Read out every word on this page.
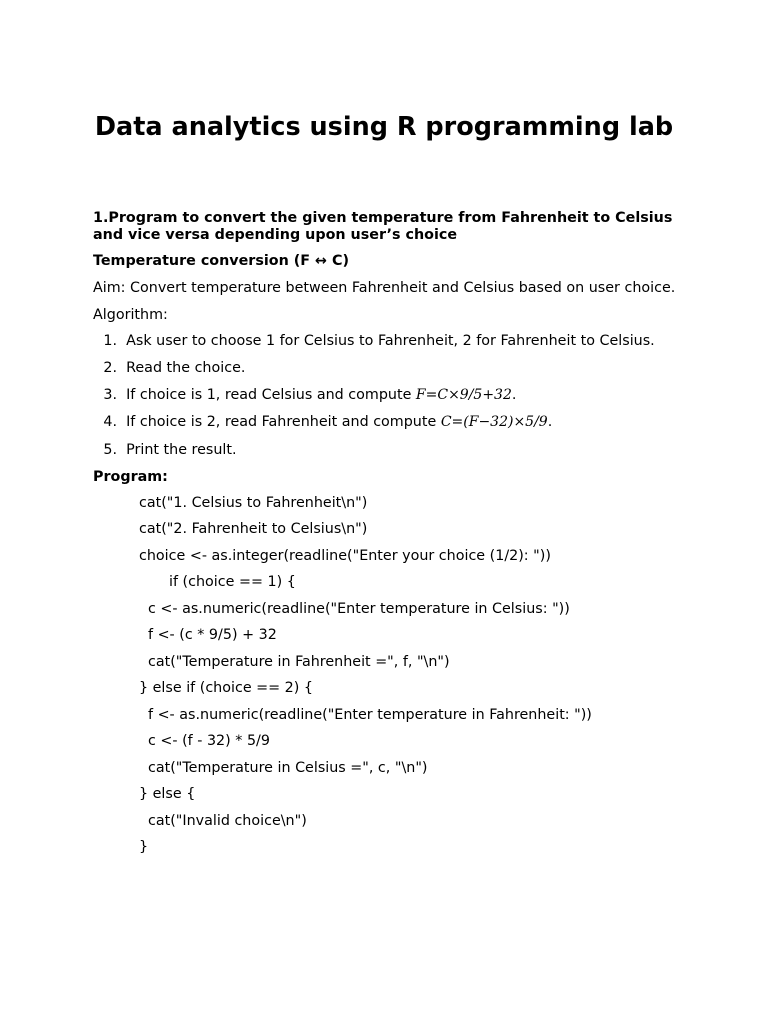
Data analytics using R programming lab

1.Program to convert the given temperature from Fahrenheit to Celsius and vice versa depending upon user’s choice

Temperature conversion (F ↔ C)

Aim: Convert temperature between Fahrenheit and Celsius based on user choice.

Algorithm:

1. Ask user to choose 1 for Celsius to Fahrenheit, 2 for Fahrenheit to Celsius.

2. Read the choice.

3. If choice is 1, read Celsius and compute F=C×9/5+32.

4. If choice is 2, read Fahrenheit and compute C=(F−32)×5/9.

5. Print the result.

Program:

cat("1. Celsius to Fahrenheit\n")

cat("2. Fahrenheit to Celsius\n")

choice <- as.integer(readline("Enter your choice (1/2): "))

if (choice == 1) {

c <- as.numeric(readline("Enter temperature in Celsius: "))

f <- (c * 9/5) + 32

cat("Temperature in Fahrenheit =", f, "\n")

} else if (choice == 2) {

f <- as.numeric(readline("Enter temperature in Fahrenheit: "))

c <- (f - 32) * 5/9

cat("Temperature in Celsius =", c, "\n")

} else {

cat("Invalid choice\n")

}
